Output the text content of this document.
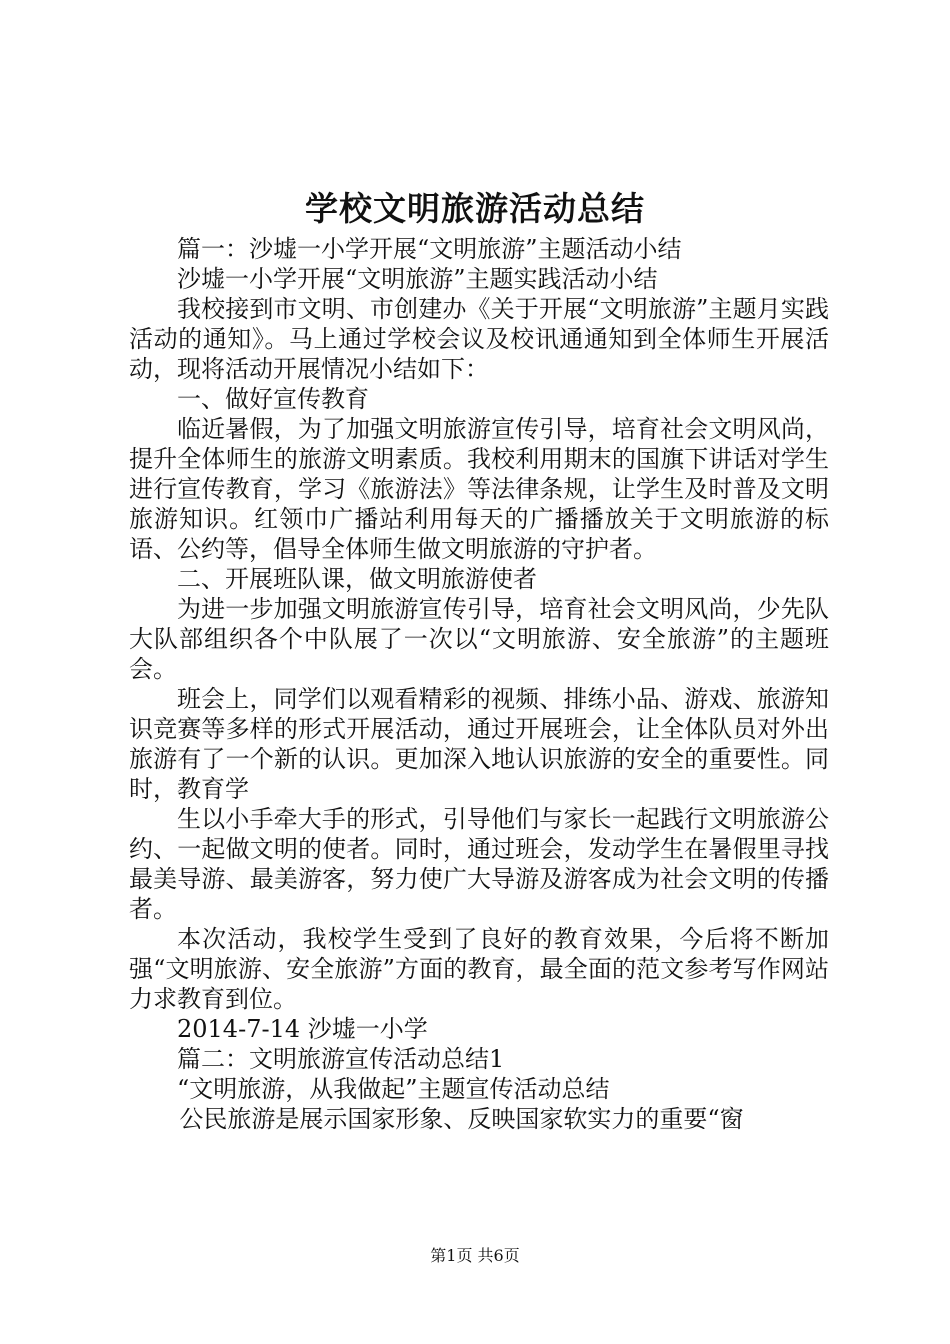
学校文明旅游活动总结

篇一：沙墟一小学开展“文明旅游”主题活动小结

沙墟一小学开展“文明旅游”主题实践活动小结

我校接到市文明、市创建办《关于开展“文明旅游”主题月实践活动的通知》。马上通过学校会议及校讯通通知到全体师生开展活动，现将活动开展情况小结如下：

一、做好宣传教育

临近暑假，为了加强文明旅游宣传引导，培育社会文明风尚，提升全体师生的旅游文明素质。我校利用期末的国旗下讲话对学生进行宣传教育，学习《旅游法》等法律条规，让学生及时普及文明旅游知识。红领巾广播站利用每天的广播播放关于文明旅游的标语、公约等，倡导全体师生做文明旅游的守护者。

二、开展班队课，做文明旅游使者

为进一步加强文明旅游宣传引导，培育社会文明风尚，少先队大队部组织各个中队展了一次以“文明旅游、安全旅游”的主题班会。

班会上，同学们以观看精彩的视频、排练小品、游戏、旅游知识竞赛等多样的形式开展活动，通过开展班会，让全体队员对外出旅游有了一个新的认识。更加深入地认识旅游的安全的重要性。同时，教育学

生以小手牵大手的形式，引导他们与家长一起践行文明旅游公约、一起做文明的使者。同时，通过班会，发动学生在暑假里寻找最美导游、最美游客，努力使广大导游及游客成为社会文明的传播者。

本次活动，我校学生受到了良好的教育效果，今后将不断加强“文明旅游、安全旅游”方面的教育，最全面的范文参考写作网站力求教育到位。

2014-7-14 沙墟一小学

篇二：文明旅游宣传活动总结1

“文明旅游，从我做起”主题宣传活动总结

公民旅游是展示国家形象、反映国家软实力的重要“窗

第1页 共6页
